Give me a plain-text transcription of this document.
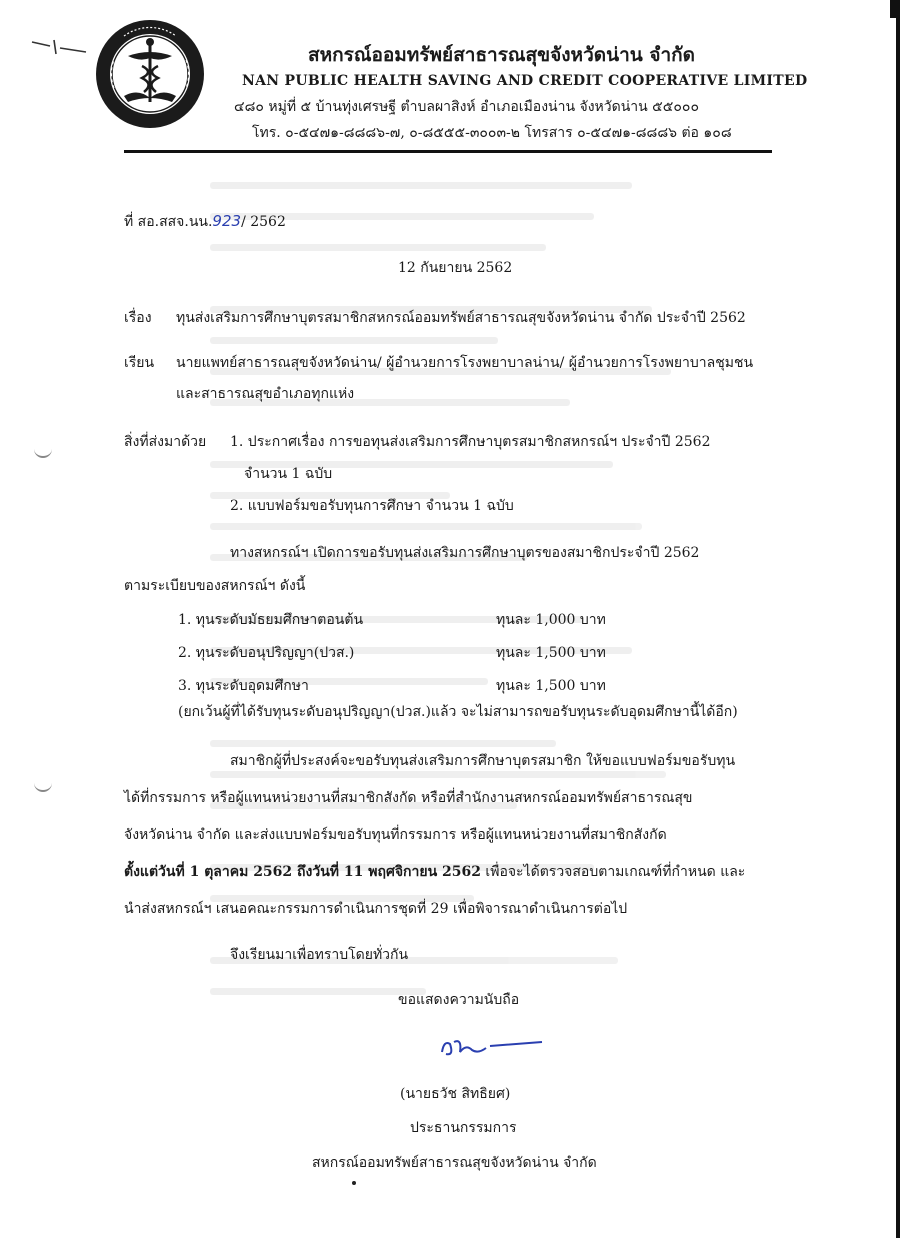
สหกรณ์ออมทรัพย์สาธารณสุขจังหวัดน่าน จำกัด
NAN PUBLIC HEALTH SAVING AND CREDIT COOPERATIVE LIMITED
๔๘๐ หมู่ที่ ๕ บ้านทุ่งเศรษฐี ตำบลผาสิงห์ อำเภอเมืองน่าน จังหวัดน่าน ๕๕๐๐๐
โทร. ๐-๕๔๗๑-๘๘๘๖-๗, ๐-๘๕๕๕-๓๐๐๓-๒ โทรสาร ๐-๕๔๗๑-๘๘๘๖ ต่อ ๑๐๘
ที่ สอ.สสจ.นน.923/ 2562
12 กันยายน 2562
เรื่อง ทุนส่งเสริมการศึกษาบุตรสมาชิกสหกรณ์ออมทรัพย์สาธารณสุขจังหวัดน่าน จำกัด ประจำปี 2562
เรียน นายแพทย์สาธารณสุขจังหวัดน่าน/ ผู้อำนวยการโรงพยาบาลน่าน/ ผู้อำนวยการโรงพยาบาลชุมชน
และสาธารณสุขอำเภอทุกแห่ง
สิ่งที่ส่งมาด้วย 1. ประกาศเรื่อง การขอทุนส่งเสริมการศึกษาบุตรสมาชิกสหกรณ์ฯ ประจำปี 2562
จำนวน 1 ฉบับ
2. แบบฟอร์มขอรับทุนการศึกษา จำนวน 1 ฉบับ
ทางสหกรณ์ฯ เปิดการขอรับทุนส่งเสริมการศึกษาบุตรของสมาชิกประจำปี 2562
ตามระเบียบของสหกรณ์ฯ ดังนี้
1. ทุนระดับมัธยมศึกษาตอนต้น	ทุนละ 1,000 บาท
2. ทุนระดับอนุปริญญา(ปวส.)	ทุนละ 1,500 บาท
3. ทุนระดับอุดมศึกษา	ทุนละ 1,500 บาท
(ยกเว้นผู้ที่ได้รับทุนระดับอนุปริญญา(ปวส.)แล้ว จะไม่สามารถขอรับทุนระดับอุดมศึกษานี้ได้อีก)
สมาชิกผู้ที่ประสงค์จะขอรับทุนส่งเสริมการศึกษาบุตรสมาชิก ให้ขอแบบฟอร์มขอรับทุน
ได้ที่กรรมการ หรือผู้แทนหน่วยงานที่สมาชิกสังกัด หรือที่สำนักงานสหกรณ์ออมทรัพย์สาธารณสุข
จังหวัดน่าน จำกัด และส่งแบบฟอร์มขอรับทุนที่กรรมการ หรือผู้แทนหน่วยงานที่สมาชิกสังกัด
ตั้งแต่วันที่ 1 ตุลาคม 2562 ถึงวันที่ 11 พฤศจิกายน 2562 เพื่อจะได้ตรวจสอบตามเกณฑ์ที่กำหนด และ
นำส่งสหกรณ์ฯ เสนอคณะกรรมการดำเนินการชุดที่ 29 เพื่อพิจารณาดำเนินการต่อไป
จึงเรียนมาเพื่อทราบโดยทั่วกัน
ขอแสดงความนับถือ
(นายธวัช สิทธิยศ)
ประธานกรรมการ
สหกรณ์ออมทรัพย์สาธารณสุขจังหวัดน่าน จำกัด
